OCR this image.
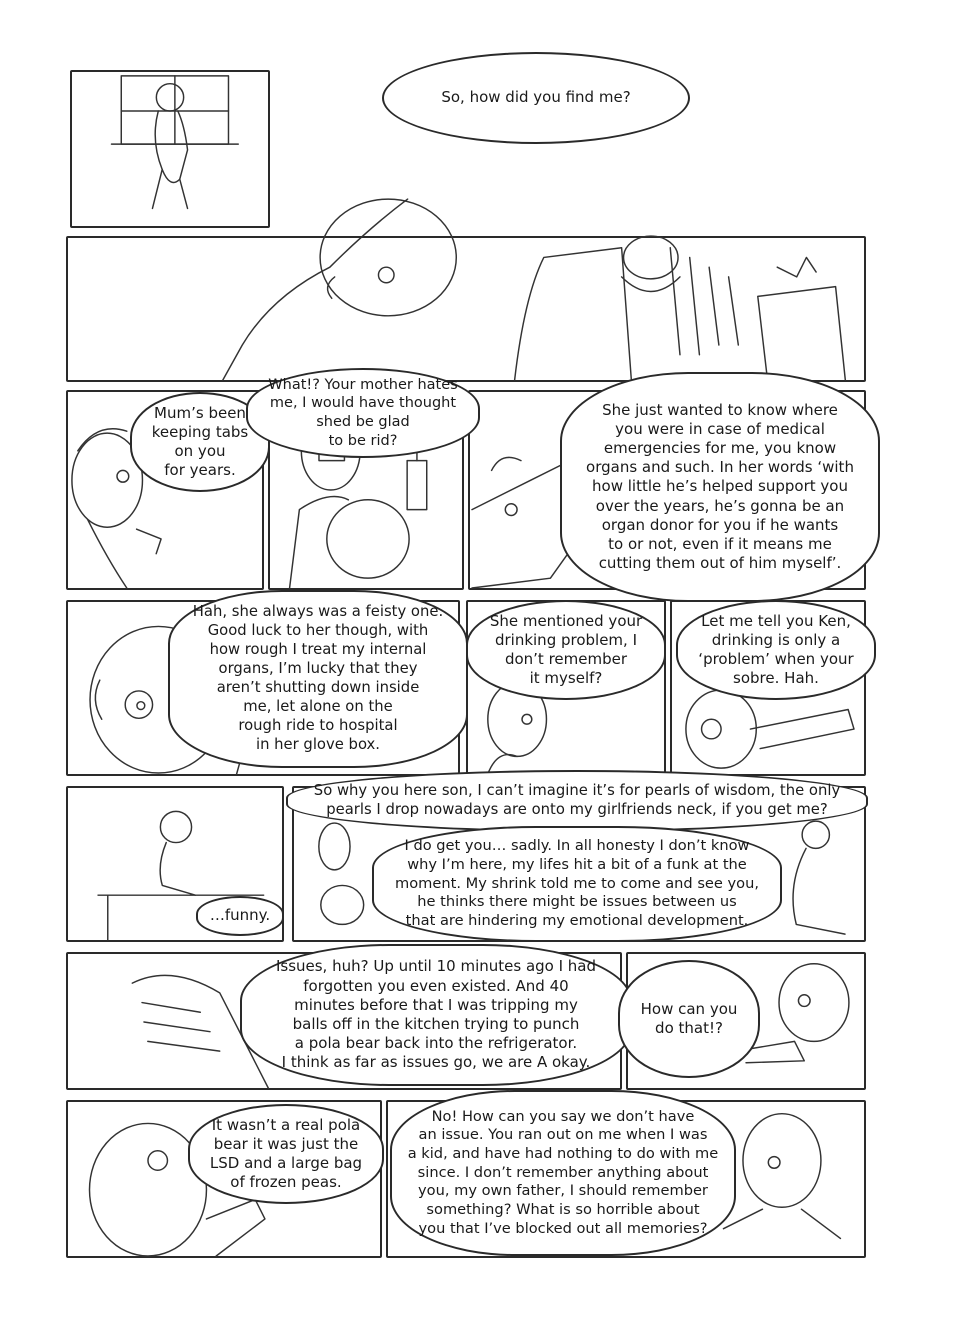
So, how did you find me?
Mum’s been
keeping tabs
on you
for years.
What!? Your mother hates
me, I would have thought
shed be glad
to be rid?
She just wanted to know where
you were in case of medical
emergencies for me, you know
organs and such. In her words ‘with
how little he’s helped support you
over the years, he’s gonna be an
organ donor for you if he wants
to or not, even if it means me
cutting them out of him myself’.
Hah, she always was a feisty one.
Good luck to her though, with
how rough I treat my internal
organs, I’m lucky that they
aren’t shutting down inside
me, let alone on the
rough ride to hospital
in her glove box.
She mentioned your
drinking problem, I
don’t remember
it myself?
Let me tell you Ken,
drinking is only a
‘problem’ when your
sobre. Hah.
…funny.
So why you here son, I can’t imagine it’s for pearls of wisdom, the only
pearls I drop nowadays are onto my girlfriends neck, if you get me?
I do get you… sadly. In all honesty I don’t know
why I’m here, my lifes hit a bit of a funk at the
moment. My shrink told me to come and see you,
he thinks there might be issues between us
that are hindering my emotional development.
Issues, huh? Up until 10 minutes ago I had
forgotten you even existed. And 40
minutes before that I was tripping my
balls off in the kitchen trying to punch
a pola bear back into the refrigerator.
I think as far as issues go, we are A okay.
How can you
do that!?
It wasn’t a real pola
bear it was just the
LSD and a large bag
of frozen peas.
No! How can you say we don’t have
an issue. You ran out on me when I was
a kid, and have had nothing to do with me
since. I don’t remember anything about
you, my own father, I should remember
something? What is so horrible about
you that I’ve blocked out all memories?
